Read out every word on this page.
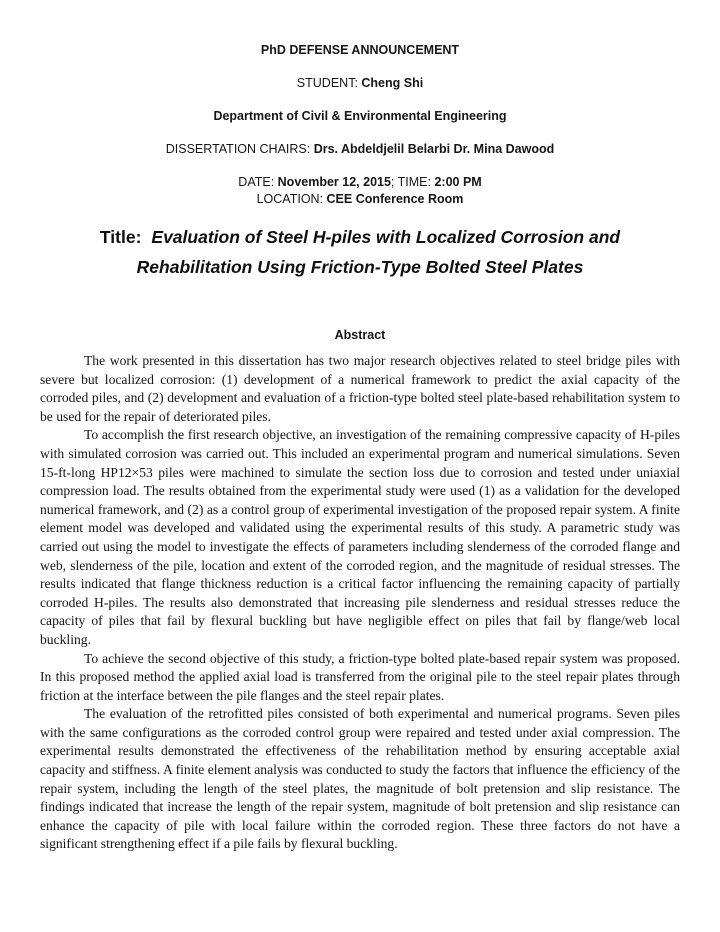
PhD DEFENSE ANNOUNCEMENT

STUDENT: Cheng Shi

Department of Civil & Environmental Engineering

DISSERTATION CHAIRS: Drs. Abdeldjelil Belarbi Dr. Mina Dawood

DATE: November 12, 2015; TIME: 2:00 PM

LOCATION: CEE Conference Room

Title: Evaluation of Steel H-piles with Localized Corrosion and Rehabilitation Using Friction-Type Bolted Steel Plates

Abstract

The work presented in this dissertation has two major research objectives related to steel bridge piles with severe but localized corrosion: (1) development of a numerical framework to predict the axial capacity of the corroded piles, and (2) development and evaluation of a friction-type bolted steel plate-based rehabilitation system to be used for the repair of deteriorated piles.

To accomplish the first research objective, an investigation of the remaining compressive capacity of H-piles with simulated corrosion was carried out. This included an experimental program and numerical simulations. Seven 15-ft-long HP12×53 piles were machined to simulate the section loss due to corrosion and tested under uniaxial compression load. The results obtained from the experimental study were used (1) as a validation for the developed numerical framework, and (2) as a control group of experimental investigation of the proposed repair system. A finite element model was developed and validated using the experimental results of this study. A parametric study was carried out using the model to investigate the effects of parameters including slenderness of the corroded flange and web, slenderness of the pile, location and extent of the corroded region, and the magnitude of residual stresses. The results indicated that flange thickness reduction is a critical factor influencing the remaining capacity of partially corroded H-piles. The results also demonstrated that increasing pile slenderness and residual stresses reduce the capacity of piles that fail by flexural buckling but have negligible effect on piles that fail by flange/web local buckling.

To achieve the second objective of this study, a friction-type bolted plate-based repair system was proposed. In this proposed method the applied axial load is transferred from the original pile to the steel repair plates through friction at the interface between the pile flanges and the steel repair plates.

The evaluation of the retrofitted piles consisted of both experimental and numerical programs. Seven piles with the same configurations as the corroded control group were repaired and tested under axial compression. The experimental results demonstrated the effectiveness of the rehabilitation method by ensuring acceptable axial capacity and stiffness. A finite element analysis was conducted to study the factors that influence the efficiency of the repair system, including the length of the steel plates, the magnitude of bolt pretension and slip resistance. The findings indicated that increase the length of the repair system, magnitude of bolt pretension and slip resistance can enhance the capacity of pile with local failure within the corroded region. These three factors do not have a significant strengthening effect if a pile fails by flexural buckling.
